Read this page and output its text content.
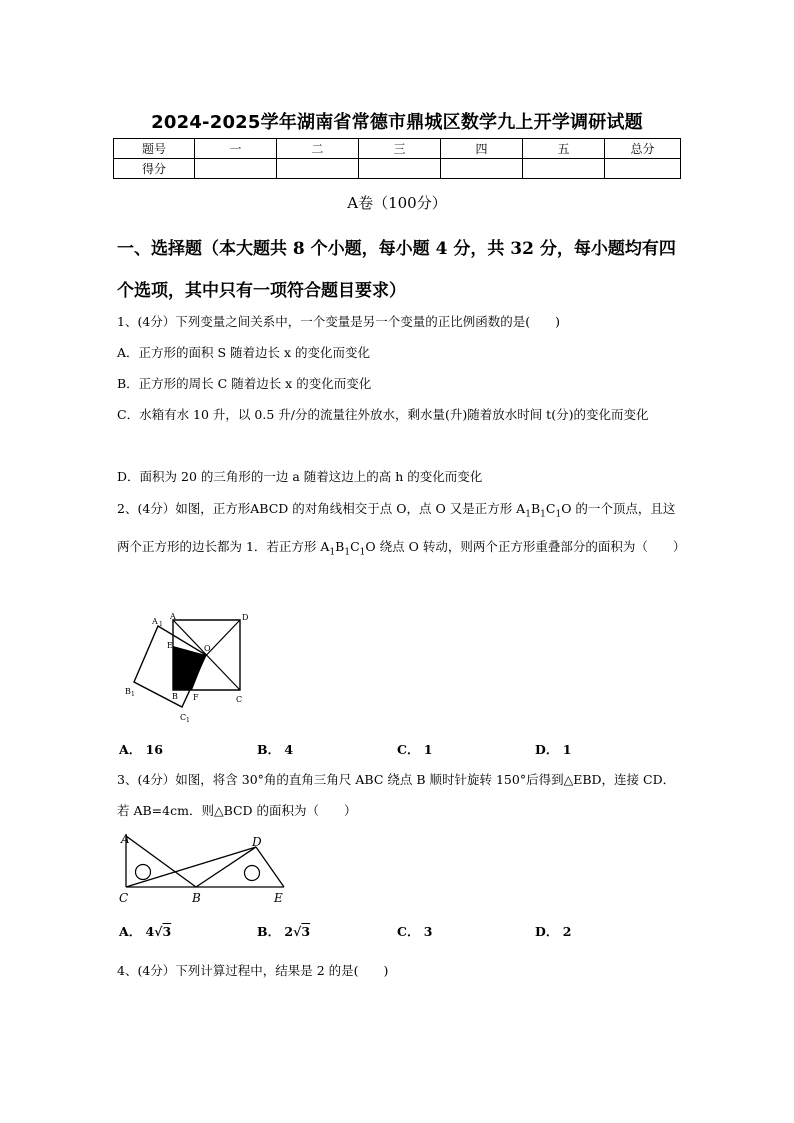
2024-2025学年湖南省常德市鼎城区数学九上开学调研试题
题号	一	二	三	四	五	总分
得分						
A卷（100分）
一、选择题（本大题共 8 个小题，每小题 4 分，共 32 分，每小题均有四个选项，其中只有一项符合题目要求）
1、(4分）下列变量之间关系中，一个变量是另一个变量的正比例函数的是(　　)
A．正方形的面积 S 随着边长 x 的变化而变化
B．正方形的周长 C 随着边长 x 的变化而变化
C．水箱有水 10 升，以 0.5 升/分的流量往外放水，剩水量(升)随着放水时间 t(分)的变化而变化
D．面积为 20 的三角形的一边 a 随着这边上的高 h 的变化而变化
2、(4分）如图，正方形ABCD 的对角线相交于点 O，点 O 又是正方形 $A_1B_1C_1O$ 的一个顶点，且这两个正方形的边长都为 1．若正方形 $A_1B_1C_1O$ 绕点 O 转动，则两个正方形重叠部分的面积为（　　）
A 1
A	D
E	O
B 1	B F	C
C 1
A． 16	B． 4	C． 1	D． 1
3、(4分）如图，将含 30°角的直角三角尺 ABC 绕点 B 顺时针旋转 150°后得到△EBD，连接 CD．若 AB=4cm．则△BCD 的面积为（　　）
A	D
C	B	E
A． 4√3	B． 2√3	C． 3	D． 2
4、(4分）下列计算过程中，结果是 2 的是(　　)
